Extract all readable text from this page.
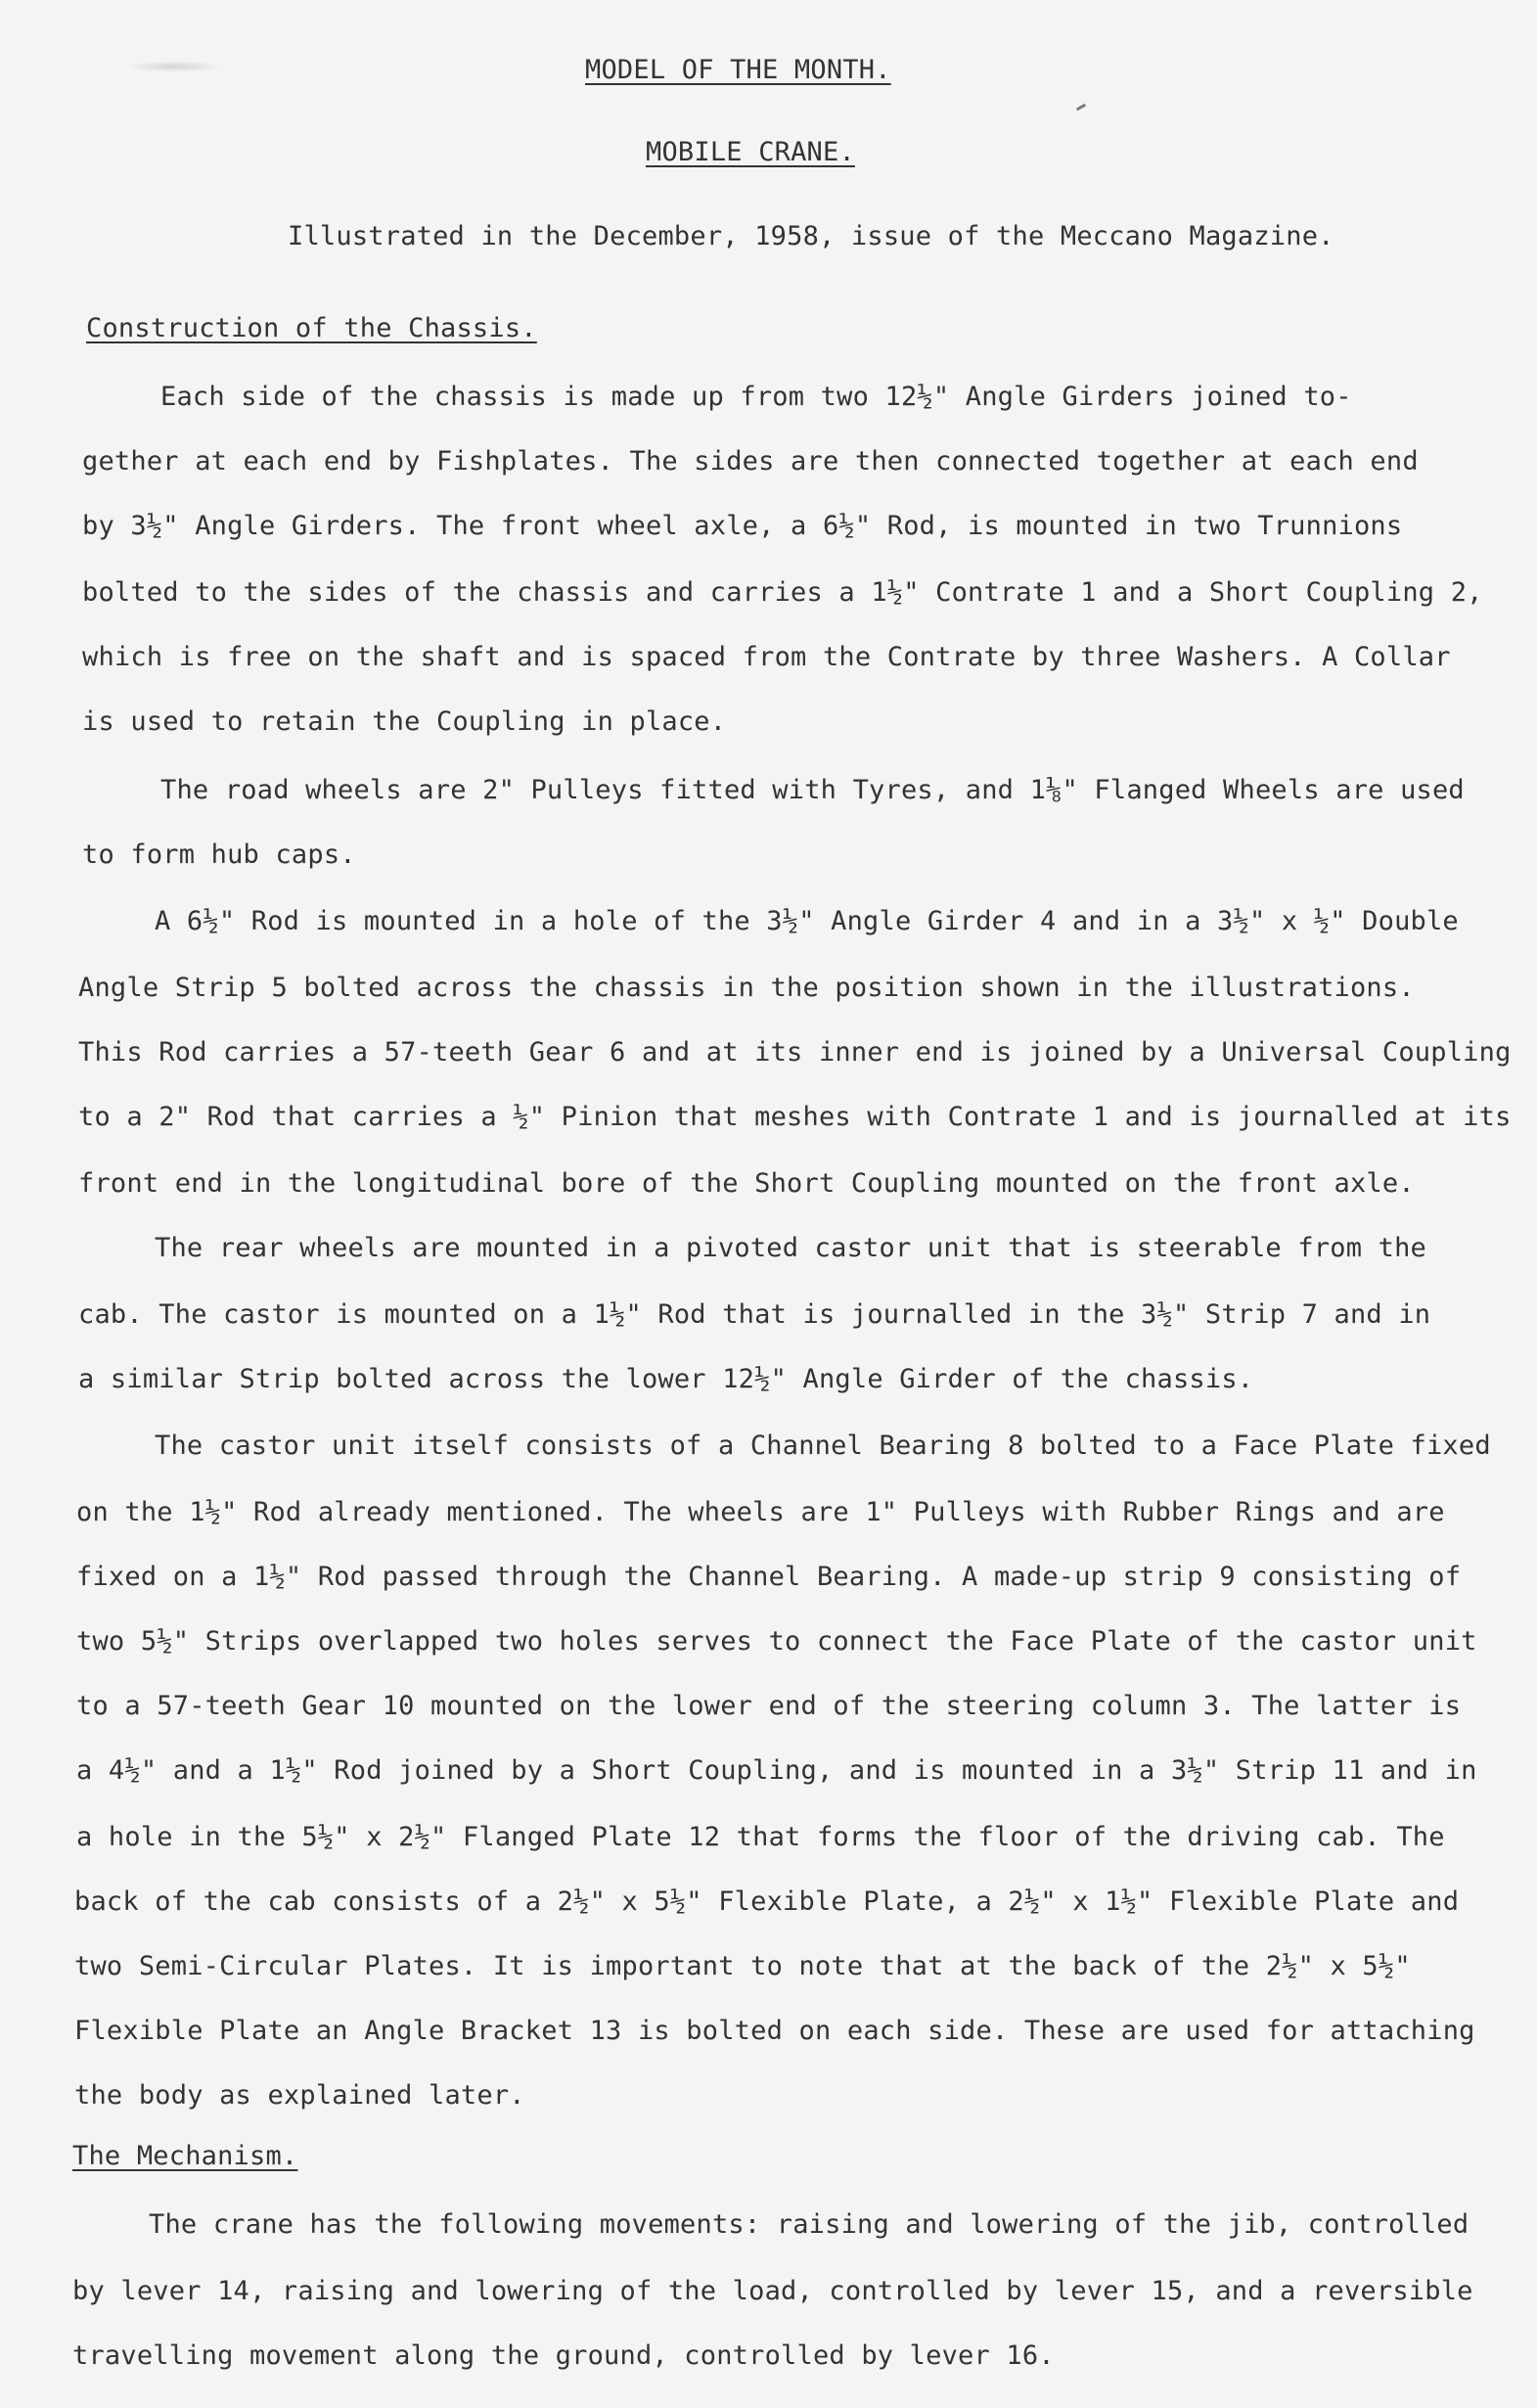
MODEL OF THE MONTH.
MOBILE CRANE.
Illustrated in the December, 1958, issue of the Meccano Magazine.
Construction of the Chassis.
Each side of the chassis is made up from two 12½" Angle Girders joined to-
gether at each end by Fishplates. The sides are then connected together at each end
by 3½" Angle Girders. The front wheel axle, a 6½" Rod, is mounted in two Trunnions
bolted to the sides of the chassis and carries a 1½" Contrate 1 and a Short Coupling 2,
which is free on the shaft and is spaced from the Contrate by three Washers. A Collar
is used to retain the Coupling in place.
The road wheels are 2" Pulleys fitted with Tyres, and 1⅛" Flanged Wheels are used
to form hub caps.
A 6½" Rod is mounted in a hole of the 3½" Angle Girder 4 and in a 3½" x ½" Double
Angle Strip 5 bolted across the chassis in the position shown in the illustrations.
This Rod carries a 57-teeth Gear 6 and at its inner end is joined by a Universal Coupling
to a 2" Rod that carries a ½" Pinion that meshes with Contrate 1 and is journalled at its
front end in the longitudinal bore of the Short Coupling mounted on the front axle.
The rear wheels are mounted in a pivoted castor unit that is steerable from the
cab. The castor is mounted on a 1½" Rod that is journalled in the 3½" Strip 7 and in
a similar Strip bolted across the lower 12½" Angle Girder of the chassis.
The castor unit itself consists of a Channel Bearing 8 bolted to a Face Plate fixed
on the 1½" Rod already mentioned. The wheels are 1" Pulleys with Rubber Rings and are
fixed on a 1½" Rod passed through the Channel Bearing. A made-up strip 9 consisting of
two 5½" Strips overlapped two holes serves to connect the Face Plate of the castor unit
to a 57-teeth Gear 10 mounted on the lower end of the steering column 3. The latter is
a 4½" and a 1½" Rod joined by a Short Coupling, and is mounted in a 3½" Strip 11 and in
a hole in the 5½" x 2½" Flanged Plate 12 that forms the floor of the driving cab. The
back of the cab consists of a 2½" x 5½" Flexible Plate, a 2½" x 1½" Flexible Plate and
two Semi-Circular Plates. It is important to note that at the back of the 2½" x 5½"
Flexible Plate an Angle Bracket 13 is bolted on each side. These are used for attaching
the body as explained later.
The Mechanism.
The crane has the following movements: raising and lowering of the jib, controlled
by lever 14, raising and lowering of the load, controlled by lever 15, and a reversible
travelling movement along the ground, controlled by lever 16.
